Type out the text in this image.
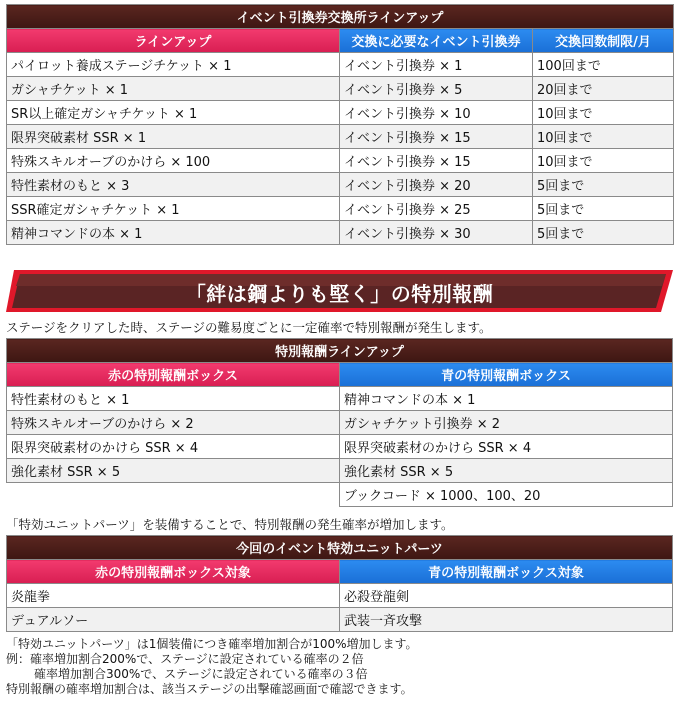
イベント引換券交換所ラインアップ		
ラインアップ	交換に必要なイベント引換券	交換回数制限/月
パイロット養成ステージチケット × 1	イベント引換券 × 1	100回まで
ガシャチケット × 1	イベント引換券 × 5	20回まで
SR以上確定ガシャチケット × 1	イベント引換券 × 10	10回まで
限界突破素材 SSR × 1	イベント引換券 × 15	10回まで
特殊スキルオーブのかけら × 100	イベント引換券 × 15	10回まで
特性素材のもと × 3	イベント引換券 × 20	5回まで
SSR確定ガシャチケット × 1	イベント引換券 × 25	5回まで
精神コマンドの本 × 1	イベント引換券 × 30	5回まで
「絆は鋼よりも堅く」の特別報酬
ステージをクリアした時、ステージの難易度ごとに一定確率で特別報酬が発生します。
特別報酬ラインアップ	
赤の特別報酬ボックス	青の特別報酬ボックス
特性素材のもと × 1	精神コマンドの本 × 1
特殊スキルオーブのかけら × 2	ガシャチケット引換券 × 2
限界突破素材のかけら SSR × 4	限界突破素材のかけら SSR × 4
強化素材 SSR × 5	強化素材 SSR × 5
	ブックコード × 1000、100、20
「特効ユニットパーツ」を装備することで、特別報酬の発生確率が増加します。
今回のイベント特効ユニットパーツ	
赤の特別報酬ボックス対象	青の特別報酬ボックス対象
炎龍拳	必殺登龍剣
デュアルソー	武装一斉攻撃
「特効ユニットパーツ」は1個装備につき確率増加割合が100%増加します。
例：確率増加割合200%で、ステージに設定されている確率の２倍
確率増加割合300%で、ステージに設定されている確率の３倍
特別報酬の確率増加割合は、該当ステージの出撃確認画面で確認できます。
